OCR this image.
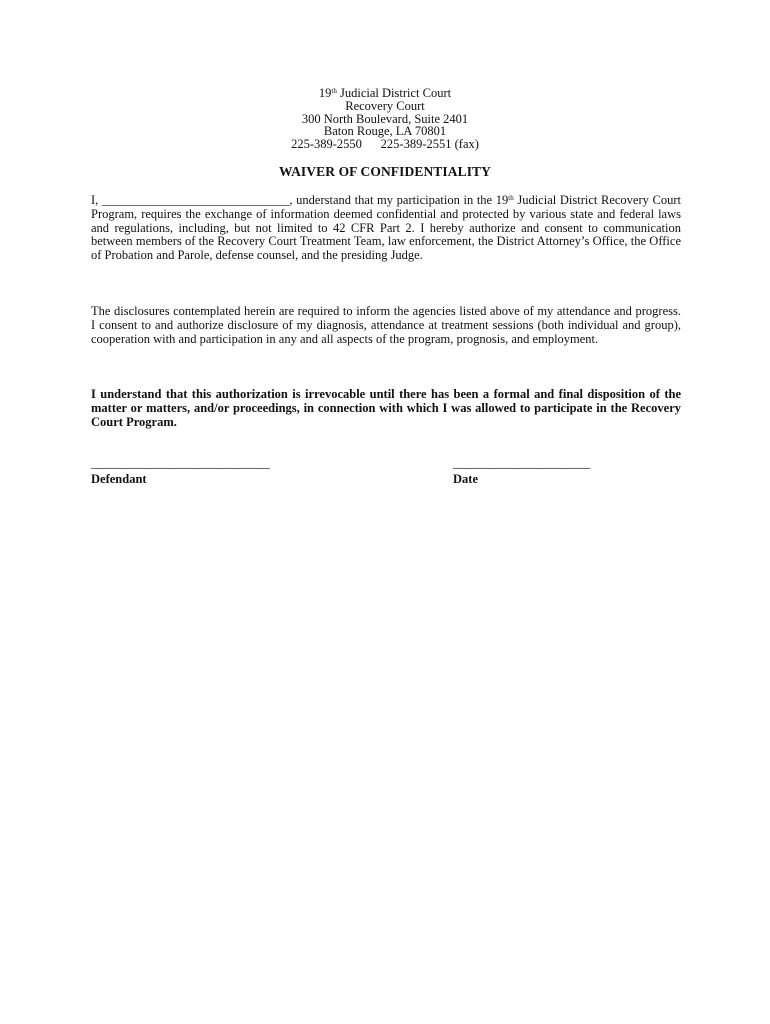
19th Judicial District Court
Recovery Court
300 North Boulevard, Suite 2401
Baton Rouge, LA 70801
225-389-2550      225-389-2551 (fax)
WAIVER OF CONFIDENTIALITY
I, ______________________________, understand that my participation in the 19th Judicial District Recovery Court Program, requires the exchange of information deemed confidential and protected by various state and federal laws and regulations, including, but not limited to 42 CFR Part 2. I hereby authorize and consent to communication between members of the Recovery Court Treatment Team, law enforcement, the District Attorney’s Office, the Office of Probation and Parole, defense counsel, and the presiding Judge.
The disclosures contemplated herein are required to inform the agencies listed above of my attendance and progress. I consent to and authorize disclosure of my diagnosis, attendance at treatment sessions (both individual and group), cooperation with and participation in any and all aspects of the program, prognosis, and employment.
I understand that this authorization is irrevocable until there has been a formal and final disposition of the matter or matters, and/or proceedings, in connection with which I was allowed to participate in the Recovery Court Program.
______________________________
Defendant
_______________________
Date
